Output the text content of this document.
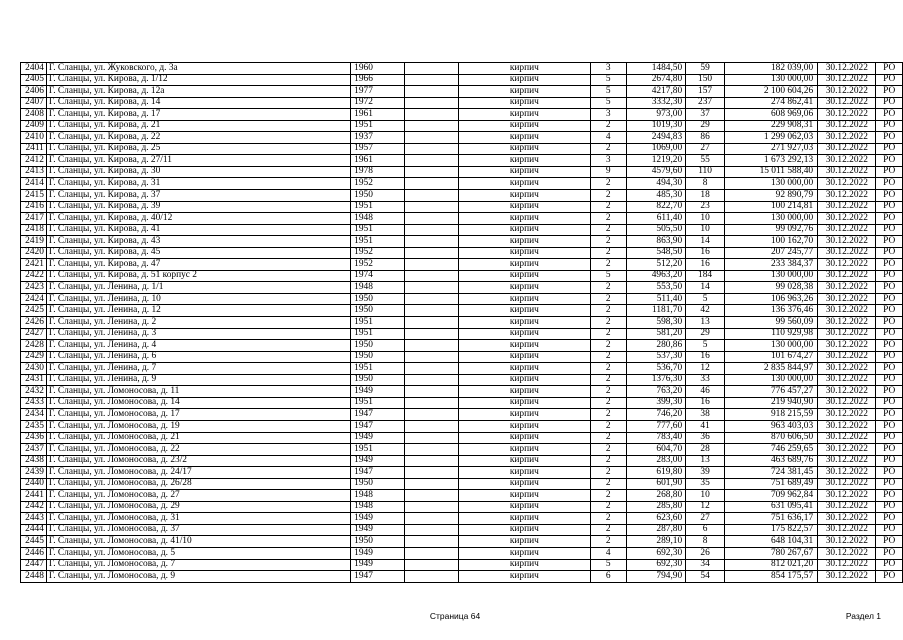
2404	Г. Сланцы, ул. Жуковского, д. 3а	1960		кирпич	3	1484,50	59	182 039,00	30.12.2022	РО
2405	Г. Сланцы, ул. Кирова, д. 1/12	1966		кирпич	5	2674,80	150	130 000,00	30.12.2022	РО
2406	Г. Сланцы, ул. Кирова, д. 12а	1977		кирпич	5	4217,80	157	2 100 604,26	30.12.2022	РО
2407	Г. Сланцы, ул. Кирова, д. 14	1972		кирпич	5	3332,30	237	274 862,41	30.12.2022	РО
2408	Г. Сланцы, ул. Кирова, д. 17	1961		кирпич	3	973,00	37	608 969,06	30.12.2022	РО
2409	Г. Сланцы, ул. Кирова, д. 21	1951		кирпич	2	1019,30	29	229 908,31	30.12.2022	РО
2410	Г. Сланцы, ул. Кирова, д. 22	1937		кирпич	4	2494,83	86	1 299 062,03	30.12.2022	РО
2411	Г. Сланцы, ул. Кирова, д. 25	1957		кирпич	2	1069,00	27	271 927,03	30.12.2022	РО
2412	Г. Сланцы, ул. Кирова, д. 27/11	1961		кирпич	3	1219,20	55	1 673 292,13	30.12.2022	РО
2413	Г. Сланцы, ул. Кирова, д. 30	1978		кирпич	9	4579,60	110	15 011 588,40	30.12.2022	РО
2414	Г. Сланцы, ул. Кирова, д. 31	1952		кирпич	2	494,30	8	130 000,00	30.12.2022	РО
2415	Г. Сланцы, ул. Кирова, д. 37	1950		кирпич	2	485,30	18	92 890,79	30.12.2022	РО
2416	Г. Сланцы, ул. Кирова, д. 39	1951		кирпич	2	822,70	23	100 214,81	30.12.2022	РО
2417	Г. Сланцы, ул. Кирова, д. 40/12	1948		кирпич	2	611,40	10	130 000,00	30.12.2022	РО
2418	Г. Сланцы, ул. Кирова, д. 41	1951		кирпич	2	505,50	10	99 092,76	30.12.2022	РО
2419	Г. Сланцы, ул. Кирова, д. 43	1951		кирпич	2	863,90	14	100 162,70	30.12.2022	РО
2420	Г. Сланцы, ул. Кирова, д. 45	1952		кирпич	2	548,50	16	207 245,77	30.12.2022	РО
2421	Г. Сланцы, ул. Кирова, д. 47	1952		кирпич	2	512,20	16	233 384,37	30.12.2022	РО
2422	Г. Сланцы, ул. Кирова, д. 51 корпус 2	1974		кирпич	5	4963,20	184	130 000,00	30.12.2022	РО
2423	Г. Сланцы, ул. Ленина, д. 1/1	1948		кирпич	2	553,50	14	99 028,38	30.12.2022	РО
2424	Г. Сланцы, ул. Ленина, д. 10	1950		кирпич	2	511,40	5	106 963,26	30.12.2022	РО
2425	Г. Сланцы, ул. Ленина, д. 12	1950		кирпич	2	1181,70	42	136 376,46	30.12.2022	РО
2426	Г. Сланцы, ул. Ленина, д. 2	1951		кирпич	2	598,30	13	99 560,09	30.12.2022	РО
2427	Г. Сланцы, ул. Ленина, д. 3	1951		кирпич	2	581,20	29	110 929,98	30.12.2022	РО
2428	Г. Сланцы, ул. Ленина, д. 4	1950		кирпич	2	280,86	5	130 000,00	30.12.2022	РО
2429	Г. Сланцы, ул. Ленина, д. 6	1950		кирпич	2	537,30	16	101 674,27	30.12.2022	РО
2430	Г. Сланцы, ул. Ленина, д. 7	1951		кирпич	2	536,70	12	2 835 844,97	30.12.2022	РО
2431	Г. Сланцы, ул. Ленина, д. 9	1950		кирпич	2	1376,30	33	130 000,00	30.12.2022	РО
2432	Г. Сланцы, ул. Ломоносова, д. 11	1949		кирпич	2	763,20	46	776 457,27	30.12.2022	РО
2433	Г. Сланцы, ул. Ломоносова, д. 14	1951		кирпич	2	399,30	16	219 940,90	30.12.2022	РО
2434	Г. Сланцы, ул. Ломоносова, д. 17	1947		кирпич	2	746,20	38	918 215,59	30.12.2022	РО
2435	Г. Сланцы, ул. Ломоносова, д. 19	1947		кирпич	2	777,60	41	963 403,03	30.12.2022	РО
2436	Г. Сланцы, ул. Ломоносова, д. 21	1949		кирпич	2	783,40	36	870 606,50	30.12.2022	РО
2437	Г. Сланцы, ул. Ломоносова, д. 22	1951		кирпич	2	604,70	28	746 259,65	30.12.2022	РО
2438	Г. Сланцы, ул. Ломоносова, д. 23/2	1949		кирпич	2	283,00	13	463 689,76	30.12.2022	РО
2439	Г. Сланцы, ул. Ломоносова, д. 24/17	1947		кирпич	2	619,80	39	724 381,45	30.12.2022	РО
2440	Г. Сланцы, ул. Ломоносова, д. 26/28	1950		кирпич	2	601,90	35	751 689,49	30.12.2022	РО
2441	Г. Сланцы, ул. Ломоносова, д. 27	1948		кирпич	2	268,80	10	709 962,84	30.12.2022	РО
2442	Г. Сланцы, ул. Ломоносова, д. 29	1948		кирпич	2	285,80	12	631 095,41	30.12.2022	РО
2443	Г. Сланцы, ул. Ломоносова, д. 31	1949		кирпич	2	623,60	27	751 636,17	30.12.2022	РО
2444	Г. Сланцы, ул. Ломоносова, д. 37	1949		кирпич	2	287,80	6	175 822,57	30.12.2022	РО
2445	Г. Сланцы, ул. Ломоносова, д. 41/10	1950		кирпич	2	289,10	8	648 104,31	30.12.2022	РО
2446	Г. Сланцы, ул. Ломоносова, д. 5	1949		кирпич	4	692,30	26	780 267,67	30.12.2022	РО
2447	Г. Сланцы, ул. Ломоносова, д. 7	1949		кирпич	5	692,30	34	812 021,20	30.12.2022	РО
2448	Г. Сланцы, ул. Ломоносова, д. 9	1947		кирпич	6	794,90	54	854 175,57	30.12.2022	РО
Страница 64	Раздел 1
